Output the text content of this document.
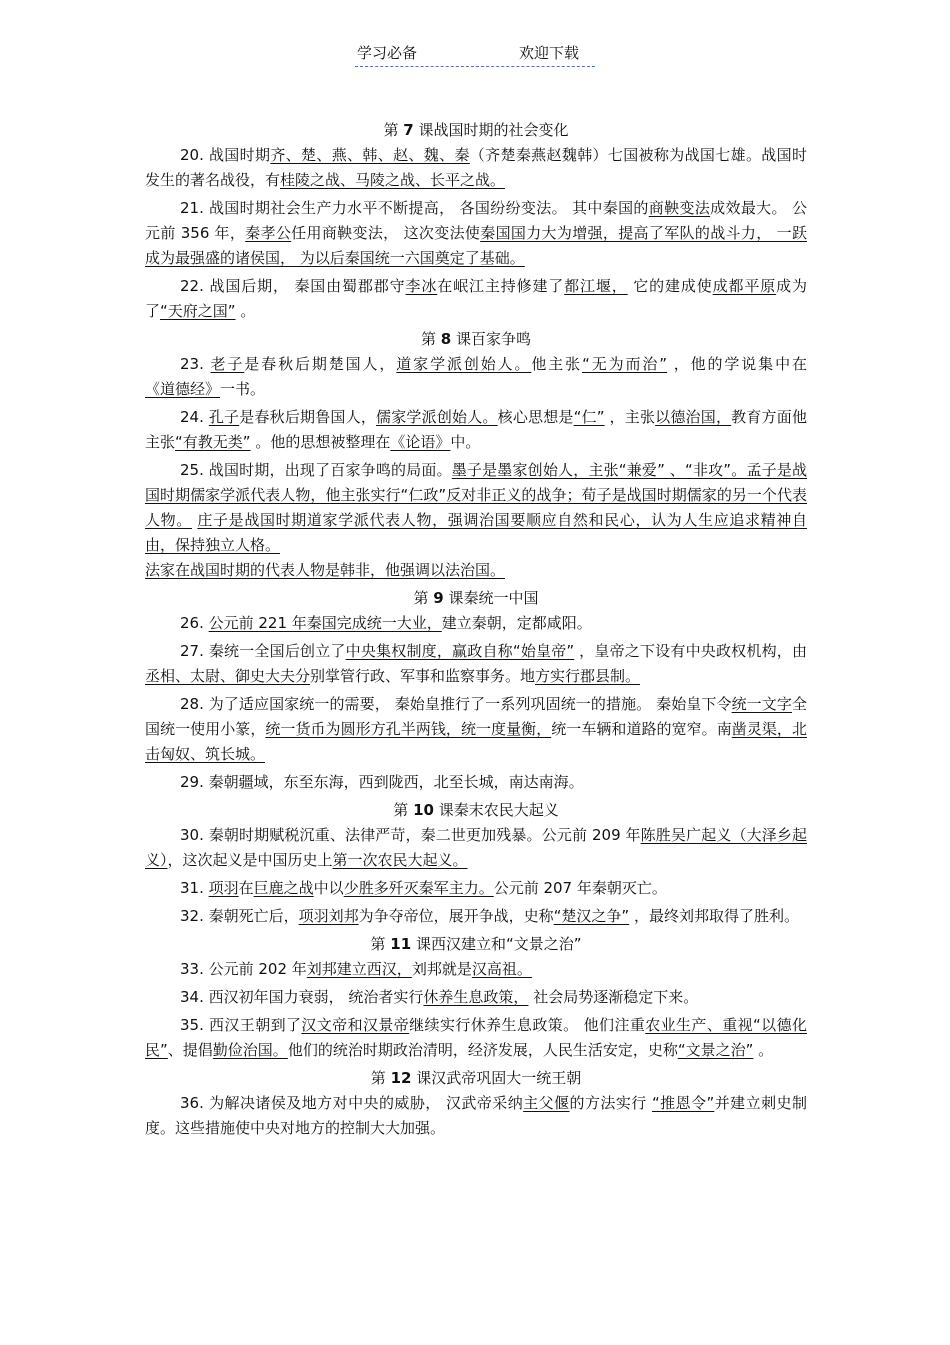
学习必备	欢迎下载

第 7 课战国时期的社会变化

20. 战国时期齐、楚、燕、韩、赵、魏、秦（齐楚秦燕赵魏韩）七国被称为战国七雄。战国时发生的著名战役，有桂陵之战、马陵之战、长平之战。

21. 战国时期社会生产力水平不断提高， 各国纷纷变法。 其中秦国的商鞅变法成效最大。 公元前 356 年，秦孝公任用商鞅变法， 这次变法使秦国国力大为增强，提高了军队的战斗力， 一跃成为最强盛的诸侯国， 为以后秦国统一六国奠定了基础。

22. 战国后期， 秦国由蜀郡郡守李冰在岷江主持修建了都江堰， 它的建成使成都平原成为了“天府之国” 。

第 8 课百家争鸣

23. 老子是春秋后期楚国人，道家学派创始人。他主张“无为而治” ，他的学说集中在《道德经》一书。

24. 孔子是春秋后期鲁国人，儒家学派创始人。核心思想是“仁” ，主张以德治国，教育方面他主张“有教无类” 。他的思想被整理在《论语》中。

25. 战国时期，出现了百家争鸣的局面。墨子是墨家创始人，主张“兼爱” 、“非攻”。孟子是战国时期儒家学派代表人物，他主张实行“仁政”反对非正义的战争；荀子是战国时期儒家的另一个代表人物。 庄子是战国时期道家学派代表人物，强调治国要顺应自然和民心，认为人生应追求精神自由，保持独立人格。
法家在战国时期的代表人物是韩非，他强调以法治国。

第 9 课秦统一中国

26. 公元前 221 年秦国完成统一大业，建立秦朝，定都咸阳。

27. 秦统一全国后创立了中央集权制度，赢政自称“始皇帝” ，皇帝之下设有中央政权机构，由丞相、太尉、御史大夫分别掌管行政、军事和监察事务。地方实行郡县制。

28. 为了适应国家统一的需要， 秦始皇推行了一系列巩固统一的措施。 秦始皇下令统一文字全国统一使用小篆，统一货币为圆形方孔半两钱，统一度量衡，统一车辆和道路的宽窄。南凿灵渠，北击匈奴、筑长城。

29. 秦朝疆域，东至东海，西到陇西，北至长城，南达南海。

第 10 课秦末农民大起义

30. 秦朝时期赋税沉重、法律严苛，秦二世更加残暴。公元前 209 年陈胜吴广起义（大泽乡起义），这次起义是中国历史上第一次农民大起义。

31. 项羽在巨鹿之战中以少胜多歼灭秦军主力。公元前 207 年秦朝灭亡。

32. 秦朝死亡后，项羽刘邦为争夺帝位，展开争战，史称“楚汉之争” ，最终刘邦取得了胜利。

第 11 课西汉建立和“文景之治”

33. 公元前 202 年刘邦建立西汉，刘邦就是汉高祖。

34. 西汉初年国力衰弱， 统治者实行休养生息政策， 社会局势逐渐稳定下来。

35. 西汉王朝到了汉文帝和汉景帝继续实行休养生息政策。 他们注重农业生产、重视“以德化民”、提倡勤俭治国。他们的统治时期政治清明，经济发展，人民生活安定，史称“文景之治” 。

第 12 课汉武帝巩固大一统王朝

36. 为解决诸侯及地方对中央的威胁， 汉武帝采纳主父偃的方法实行 “推恩令”并建立刺史制度。这些措施使中央对地方的控制大大加强。
